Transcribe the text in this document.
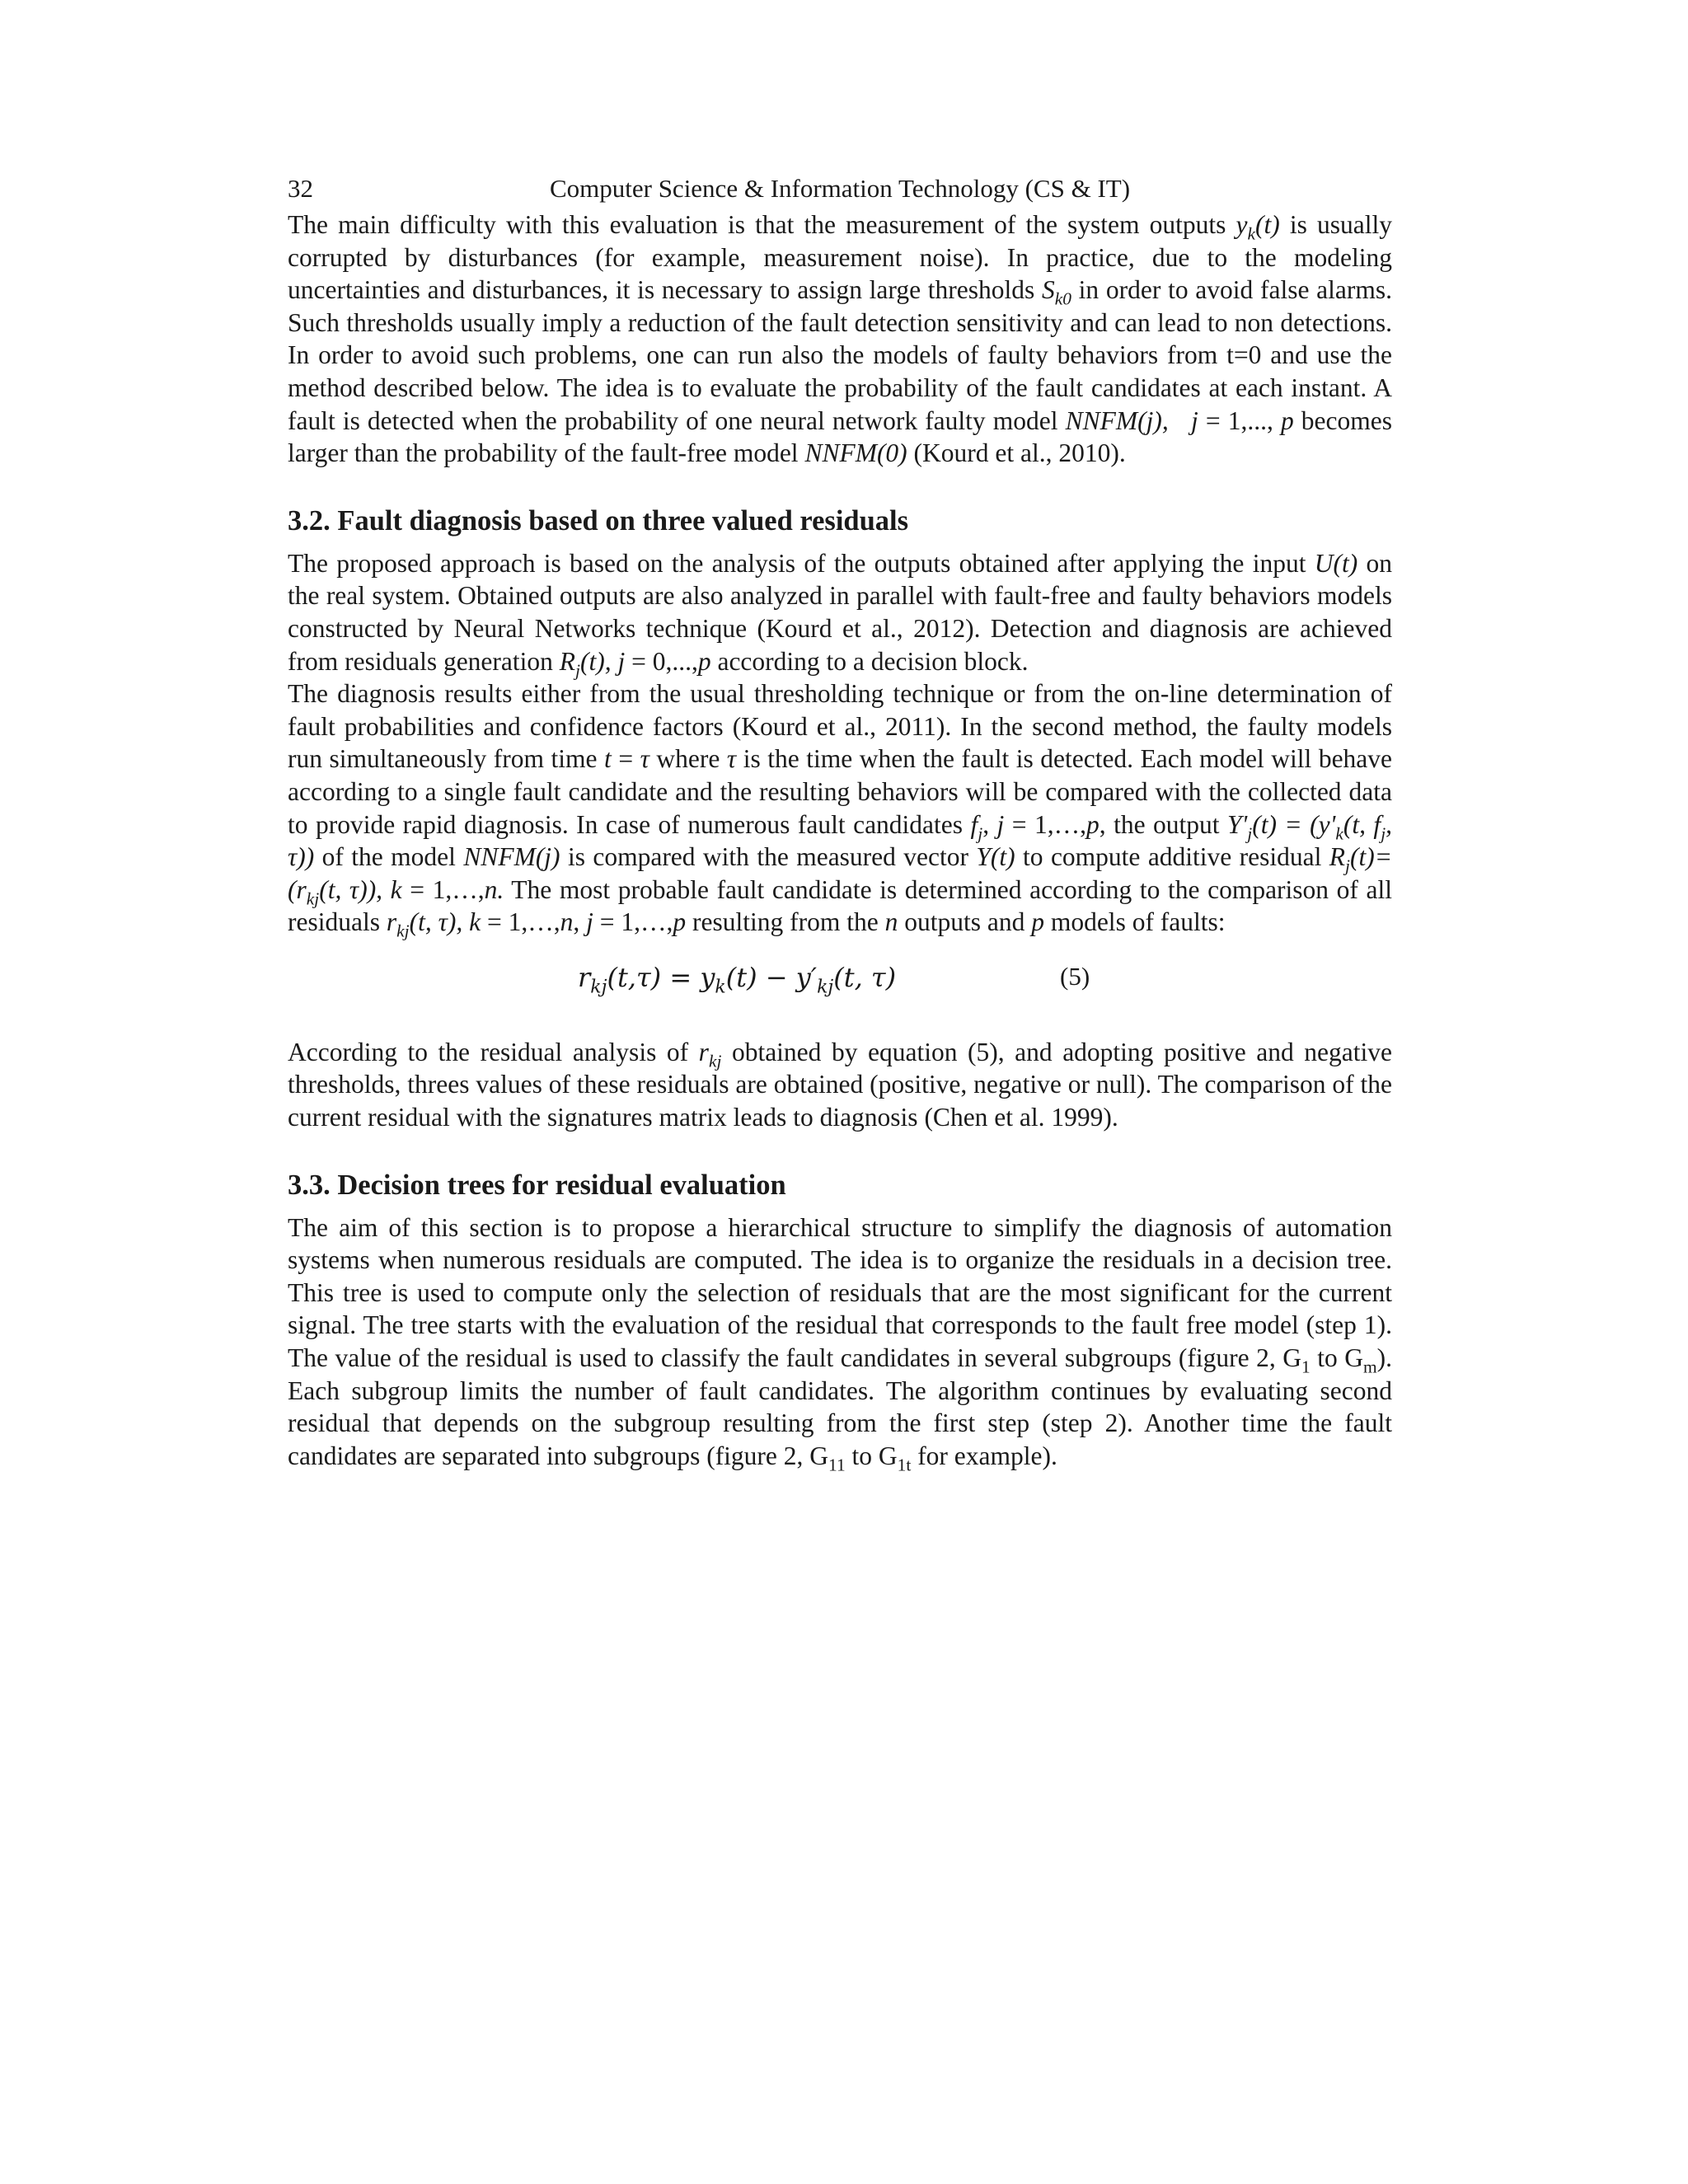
32	Computer Science & Information Technology (CS & IT)

The main difficulty with this evaluation is that the measurement of the system outputs $y_k(t)$ is usually corrupted by disturbances (for example, measurement noise). In practice, due to the modeling uncertainties and disturbances, it is necessary to assign large thresholds $S_{k0}$ in order to avoid false alarms. Such thresholds usually imply a reduction of the fault detection sensitivity and can lead to non detections. In order to avoid such problems, one can run also the models of faulty behaviors from t=0 and use the method described below. The idea is to evaluate the probability of the fault candidates at each instant. A fault is detected when the probability of one neural network faulty model NNFM(j), j = 1,..., p becomes larger than the probability of the fault-free model NNFM(0) (Kourd et al., 2010).

3.2. Fault diagnosis based on three valued residuals

The proposed approach is based on the analysis of the outputs obtained after applying the input U(t) on the real system. Obtained outputs are also analyzed in parallel with fault-free and faulty behaviors models constructed by Neural Networks technique (Kourd et al., 2012). Detection and diagnosis are achieved from residuals generation $R_j(t)$, j = 0,...,p according to a decision block.

The diagnosis results either from the usual thresholding technique or from the on-line determination of fault probabilities and confidence factors (Kourd et al., 2011). In the second method, the faulty models run simultaneously from time t = τ where τ is the time when the fault is detected. Each model will behave according to a single fault candidate and the resulting behaviors will be compared with the collected data to provide rapid diagnosis. In case of numerous fault candidates $f_j$, j = 1,…,p, the output $Y'_j(t) = (y'_k(t$, $f_j$, τ)) of the model NNFM(j) is compared with the measured vector Y(t) to compute additive residual $R_j(t)= (r_{kj}(t$, τ)), k = 1,…,n. The most probable fault candidate is determined according to the comparison of all residuals $r_{kj}(t$, τ), k = 1,…,n, j = 1,…,p resulting from the n outputs and p models of faults:

$r_{kj}(t,\tau) = y_k(t) - y'_{kj}(t$, τ)	(5)

According to the residual analysis of $r_{kj}$ obtained by equation (5), and adopting positive and negative thresholds, threes values of these residuals are obtained (positive, negative or null). The comparison of the current residual with the signatures matrix leads to diagnosis (Chen et al. 1999).

3.3. Decision trees for residual evaluation

The aim of this section is to propose a hierarchical structure to simplify the diagnosis of automation systems when numerous residuals are computed. The idea is to organize the residuals in a decision tree. This tree is used to compute only the selection of residuals that are the most significant for the current signal. The tree starts with the evaluation of the residual that corresponds to the fault free model (step 1). The value of the residual is used to classify the fault candidates in several subgroups (figure 2, $G_1$ to $G_m$). Each subgroup limits the number of fault candidates. The algorithm continues by evaluating second residual that depends on the subgroup resulting from the first step (step 2). Another time the fault candidates are separated into subgroups (figure 2, $G_{11}$ to $G_{1t}$ for example).
